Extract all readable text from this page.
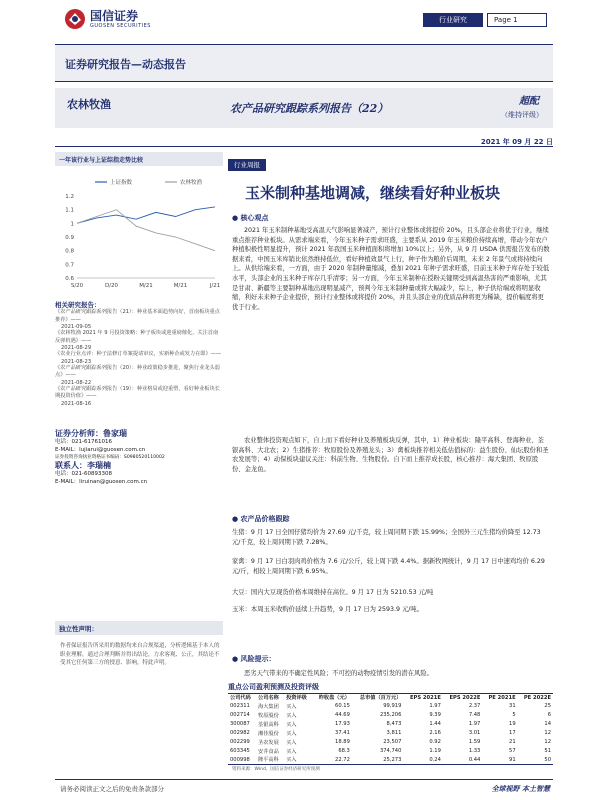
国信证券
GUOSEN SECURITIES
行业研究	Page 1
证券研究报告—动态报告
农林牧渔	农产品研究跟踪系列报告（22）
超配
（维持评级）
2021 年 09 月 22 日
一年该行业与上证综指走势比较
上证指数	农林牧渔
1.2
1.1
1
0.9
0.8
0.7
0.6
S/20	D/20	M/21	M/21	J/21
相关研究报告：
《农产品研究跟踪系列报告（21）：种业基本面趋势向好，首南板块重点推荐》——
2021-09-05
《农林牧渔 2021 年 9 月投资策略：种子板块或迎重磅催化，关注首南反弹机遇》——
2021-08-29
《农业行业点评：种子法修订草案提请审议，实新种企或发力在即》——
2021-08-23
《农产品研究跟踪系列报告（20）：种业政策稳步推进，聚焦行业龙头弱点》——
2021-08-22
《农产品研究跟踪系列报告（19）：种业格局或迎重塑，看好种业板块长期投资价值》——
2021-08-16
证券分析师：鲁家瑞
电话：021-61761016
E-MAIL：lujiarui@guosen.com.cn
证券投资咨询执业资格证书编码：S0980520110002
联系人：李瑞楠
电话：021-60893308
E-MAIL：liruinan@guosen.com.cn
独立性声明：
作者保证报告所采用的数据均来自合规渠道，分析逻辑基于本人的职业理解，通过合理判断并得出结论，力求客观、公正，其结论不受其它任何第三方的授意、影响，特此声明。
行业周报
玉米制种基地调减，继续看好种业板块
● 核心观点
2021 年玉米制种基地受高温天气影响显著减产，预计行业整体或将提价 20%，且头部企业将优于行业，继续重点推荐种业板块。从需求端来看，今年玉米种子需求旺盛，主要系从 2019 年玉米粮价持续高增，带动今年农户种植积极性明显提升，预计 2021 年我国玉米种植面积将增加 10%以上；另外，从 9 月 USDA 供需报告发布的数据来看，中国玉米库销比依然维持低位，看好种植效景气上行，种子作为粮价后周期，未来 2 年景气或将持续向上。从供给端来看，一方面，由于 2020 年制种量缩减，叠加 2021 年种子需求旺盛，目前玉米种子库存处于较低水平，头部企业的玉米种子库存几乎清零；另一方面，今年玉米制种在授粉关键期受到高温热害的严重影响，尤其是甘肃、新疆等主要制种基地出现明显减产，预判今年玉米制种量或将大幅减少，综上，种子供给端或将明显收缩，利好未来种子企业提价，预计行业整体或将提价 20%，并且头部企业的优质品种将更为稀缺，提价幅度将更优于行业。
农业整体投资观点如下，自上而下看好种业及养殖板块反弹，其中，1）种业板块：隆平高科、登海种业、荃银高科、大北农；2）生猪推荐：牧原股份及养殖龙头；3）禽板块推荐相关低估值标的：益生股份、仙坛股份和圣农发展等；4）动保板块建议关注：科前生物、生物股份。自下而上推荐成长股，核心推荐：海大集团、牧原股份、金龙鱼。
● 农产品价格跟踪
生猪：9 月 17 日全国仔猪均价为 27.69 元/千克，较上周同期下跌 15.99%；全国外三元生猪均价降至 12.73 元/千克，较上周同期下跌 7.28%。
家禽：9 月 17 日白羽肉鸡价格为 7.6 元/公斤，较上周下跌 4.4%。据新牧网统计，9 月 17 日中速鸡均价 6.29 元/斤，相较上周同期下跌 6.95%。
大豆：国内大豆现货价格本周维持在高位。9 月 17 日为 5210.53 元/吨
玉米：本周玉米收购价延续上升趋势，9 月 17 日为 2593.9 元/吨。
● 风险提示：
恶劣天气带来的不确定性风险；不可控的动物疫情引发的潜在风险。
重点公司盈利预测及投资评级
公司代码	公司名称	投资评级	昨收盘（元）	总市值（百万元）	EPS 2021E	EPS 2022E	PE 2021E	PE 2022E
002311	海大集团	买入	60.15	99,919	1.97	2.37	31	25
002714	牧原股份	买入	44.69	235,206	9.39	7.48	5	6
300087	荃银高科	买入	17.93	8,473	1.44	1.97	19	14
002982	湘佳股份	买入	37.41	3,811	2.16	3.01	17	12
002299	圣农发展	买入	18.89	23,507	0.92	1.59	21	12
603345	安井食品	买入	68.3	374,740	1.19	1.33	57	51
000998	隆平高科	买入	22.72	25,273	0.24	0.44	91	50
资料来源：Wind、国信证券经济研究所预测
请务必阅读正文之后的免责条款部分	全球视野 本土智慧
